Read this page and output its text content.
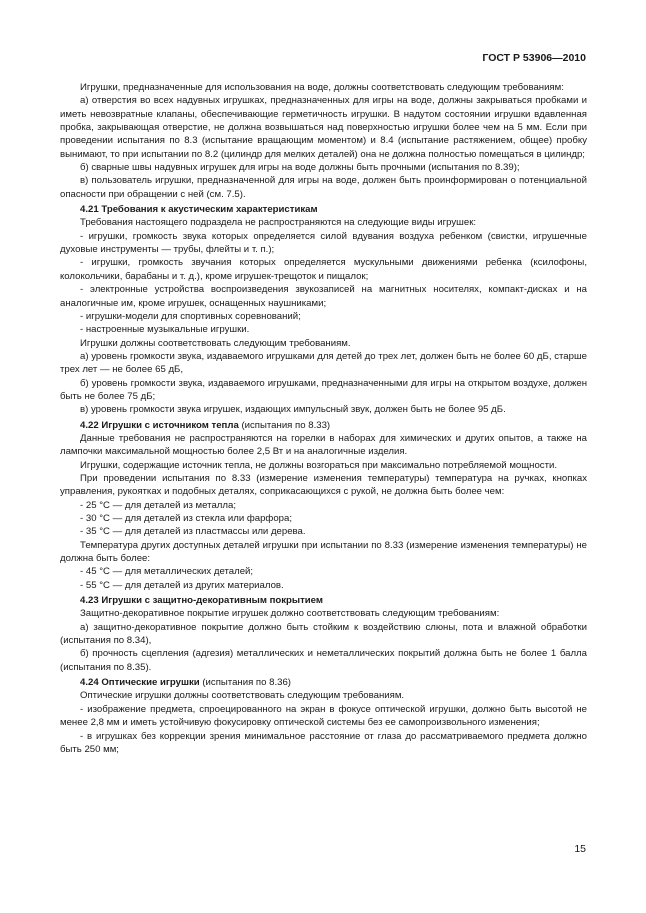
ГОСТ Р 53906—2010

Игрушки, предназначенные для использования на воде, должны соответствовать следующим требованиям:

а) отверстия во всех надувных игрушках, предназначенных для игры на воде, должны закрываться пробками и иметь невозвратные клапаны, обеспечивающие герметичность игрушки. В надутом состоянии игрушки вдавленная пробка, закрывающая отверстие, не должна возвышаться над поверхностью игрушки более чем на 5 мм. Если при проведении испытания по 8.3 (испытание вращающим моментом) и 8.4 (испытание растяжением, общее) пробку вынимают, то при испытании по 8.2 (цилиндр для мелких деталей) она не должна полностью помещаться в цилиндр;

б) сварные швы надувных игрушек для игры на воде должны быть прочными (испытания по 8.39);

в) пользователь игрушки, предназначенной для игры на воде, должен быть проинформирован о потенциальной опасности при обращении с ней (см. 7.5).

4.21 Требования к акустическим характеристикам

Требования настоящего подраздела не распространяются на следующие виды игрушек:

- игрушки, громкость звука которых определяется силой вдувания воздуха ребенком (свистки, игрушечные духовые инструменты — трубы, флейты и т. п.);

- игрушки, громкость звучания которых определяется мускульными движениями ребенка (ксилофоны, колокольчики, барабаны и т. д.), кроме игрушек-трещоток и пищалок;

- электронные устройства воспроизведения звукозаписей на магнитных носителях, компакт-дисках и на аналогичные им, кроме игрушек, оснащенных наушниками;

- игрушки-модели для спортивных соревнований;

- настроенные музыкальные игрушки.

Игрушки должны соответствовать следующим требованиям.

а) уровень громкости звука, издаваемого игрушками для детей до трех лет, должен быть не более 60 дБ, старше трех лет — не более 65 дБ,

б) уровень громкости звука, издаваемого игрушками, предназначенными для игры на открытом воздухе, должен быть не более 75 дБ;

в) уровень громкости звука игрушек, издающих импульсный звук, должен быть не более 95 дБ.

4.22 Игрушки с источником тепла (испытания по 8.33)

Данные требования не распространяются на горелки в наборах для химических и других опытов, а также на лампочки максимальной мощностью более 2,5 Вт и на аналогичные изделия.

Игрушки, содержащие источник тепла, не должны возгораться при максимально потребляемой мощности.

При проведении испытания по 8.33 (измерение изменения температуры) температура на ручках, кнопках управления, рукоятках и подобных деталях, соприкасающихся с рукой, не должна быть более чем:

- 25 °С — для деталей из металла;

- 30 °С — для деталей из стекла или фарфора;

- 35 °С — для деталей из пластмассы или дерева.

Температура других доступных деталей игрушки при испытании по 8.33 (измерение изменения температуры) не должна быть более:

- 45 °С — для металлических деталей;

- 55 °С — для деталей из других материалов.

4.23 Игрушки с защитно-декоративным покрытием

Защитно-декоративное покрытие игрушек должно соответствовать следующим требованиям:

а) защитно-декоративное покрытие должно быть стойким к воздействию слюны, пота и влажной обработки (испытания по 8.34),

б) прочность сцепления (адгезия) металлических и неметаллических покрытий должна быть не более 1 балла (испытания по 8.35).

4.24 Оптические игрушки (испытания по 8.36)

Оптические игрушки должны соответствовать следующим требованиям.

- изображение предмета, спроецированного на экран в фокусе оптической игрушки, должно быть высотой не менее 2,8 мм и иметь устойчивую фокусировку оптической системы без ее самопроизвольного изменения;

- в игрушках без коррекции зрения минимальное расстояние от глаза до рассматриваемого предмета должно быть 250 мм;

15
